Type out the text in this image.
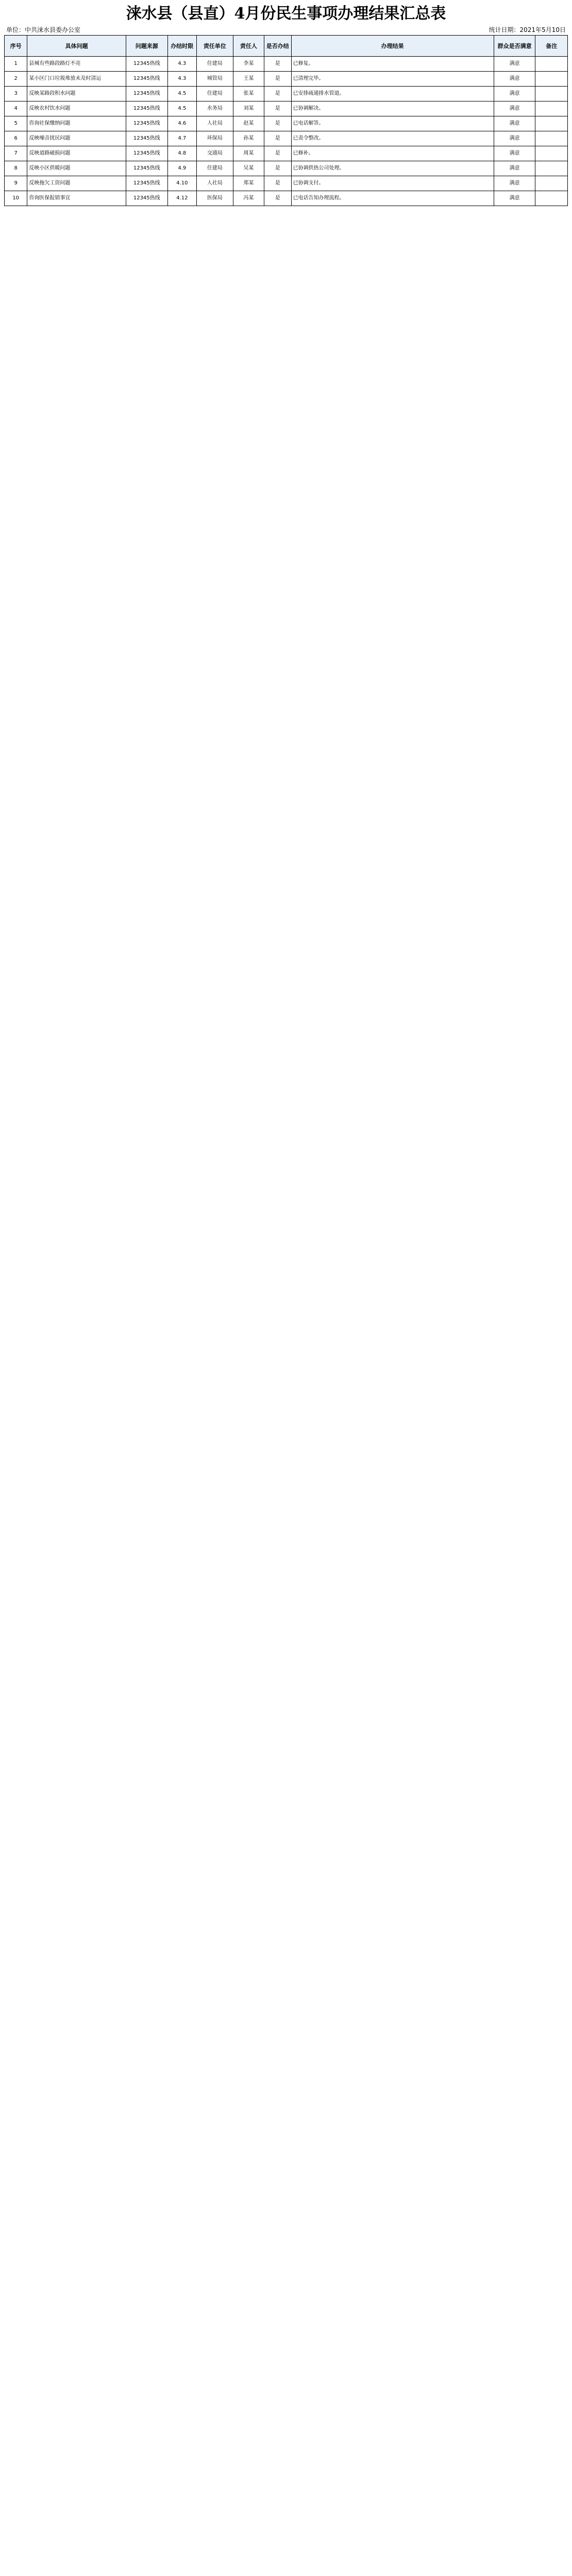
涞水县（县直）4月份民生事项办理结果汇总表
单位：中共涞水县委办公室	统计日期：2021年5月10日
序号	具体问题	问题来源	办结时限	责任单位	责任人	是否办结	办理结果	群众是否满意	备注
1	县城有些路段路灯不亮	12345热线	4.3	住建局	李某	是	已修复。	满意	
2	某小区门口垃圾堆放未及时清运	12345热线	4.3	城管局	王某	是	已清理完毕。	满意	
3	反映某路段积水问题	12345热线	4.5	住建局	张某	是	已安排疏通排水管道。	满意	
4	反映农村饮水问题	12345热线	4.5	水务局	刘某	是	已协调解决。	满意	
5	咨询社保缴纳问题	12345热线	4.6	人社局	赵某	是	已电话解答。	满意	
6	反映噪音扰民问题	12345热线	4.7	环保局	孙某	是	已责令整改。	满意	
7	反映道路破损问题	12345热线	4.8	交通局	周某	是	已修补。	满意	
8	反映小区供暖问题	12345热线	4.9	住建局	吴某	是	已协调供热公司处理。	满意	
9	反映拖欠工资问题	12345热线	4.10	人社局	郑某	是	已协调支付。	满意	
10	咨询医保报销事宜	12345热线	4.12	医保局	冯某	是	已电话告知办理流程。	满意	
